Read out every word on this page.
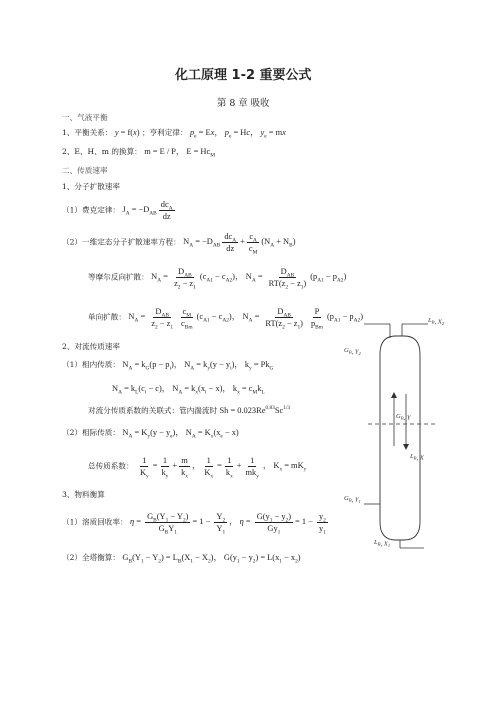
化工原理 1-2 重要公式
第 8 章 吸收
一、气液平衡
1、平衡关系： y = f(x) ；亨利定律： $p_e = Ex$， $p_e = Hc$， $y_e$ = mx
2、E、H、m 的换算： m = E / P， $E = Hc_M$
二、传质速率
1、分子扩散速率
（1）费克定律： $J_A = -D_{AB} \frac{dc_A}{dz}$
（2）一维定态分子扩散速率方程： $N_A = -D_{AB} \frac{dc_A}{dz} + \frac{c_A}{c_M} (N_A + N_B)$
等摩尔反向扩散： $N_A = \frac{D_{AB}}{z_2 - z_1} (c_{A1} - c_{A2})$， $N_A = \frac{D_{AB}}{RT(z_2 - z_1)} (p_{A1} - p_{A2})$
单向扩散： $N_A = \frac{D_{AB}}{z_2 - z_1} \frac{c_M}{c_{Bm}} (c_{A1} - c_{A2})$， $N_A = \frac{D_{AB}}{RT(z_2 - z_1)} \frac{P}{p_{Bm}} (p_{A1} - p_{A2})$
2、对流传质速率
（1）相内传质： $N_A = k_G(p - p_i)$， $N_A = k_y(y - y_i)$， $k_y = Pk_G$
$N_A = k_L(c_i - c)$， $N_A = k_x(x_i - x)$， $k_x = c_Mk_L$
对流分传质系数的关联式：管内湍流时 $Sh = 0.023Re^{0.83}Sc^{1/3}$
（2）相际传质： $N_A = K_y(y - y_e)$， $N_A = K_x(x_e - x)$
总传质系数： $\frac{1}{K_y} = \frac{1}{k_y} + \frac{m}{k_x}$ ， $\frac{1}{K_x} = \frac{1}{k_x} + \frac{1}{mk_y}$ ， $K_x = mK_y$
3、物料衡算
（1）溶质回收率： $\eta = \frac{G_B(Y_1 - Y_2)}{G_BY_1} = 1 - \frac{Y_2}{Y_1}$ ， $\eta = \frac{G(y_1 - y_2)}{Gy_1} = 1 - \frac{y_2}{y_1}$
（2）全塔衡算： $G_B(Y_1 - Y_2) = L_B(X_1 - X_2)$， $G(y_1 - y_2) = L(x_1 - x_2)$
$L_B$, $X_2$
$G_B$, $Y_2$
$G_B$, Y
$L_B$, X
$G_B$, $Y_1$
$L_B$, $X_1$
